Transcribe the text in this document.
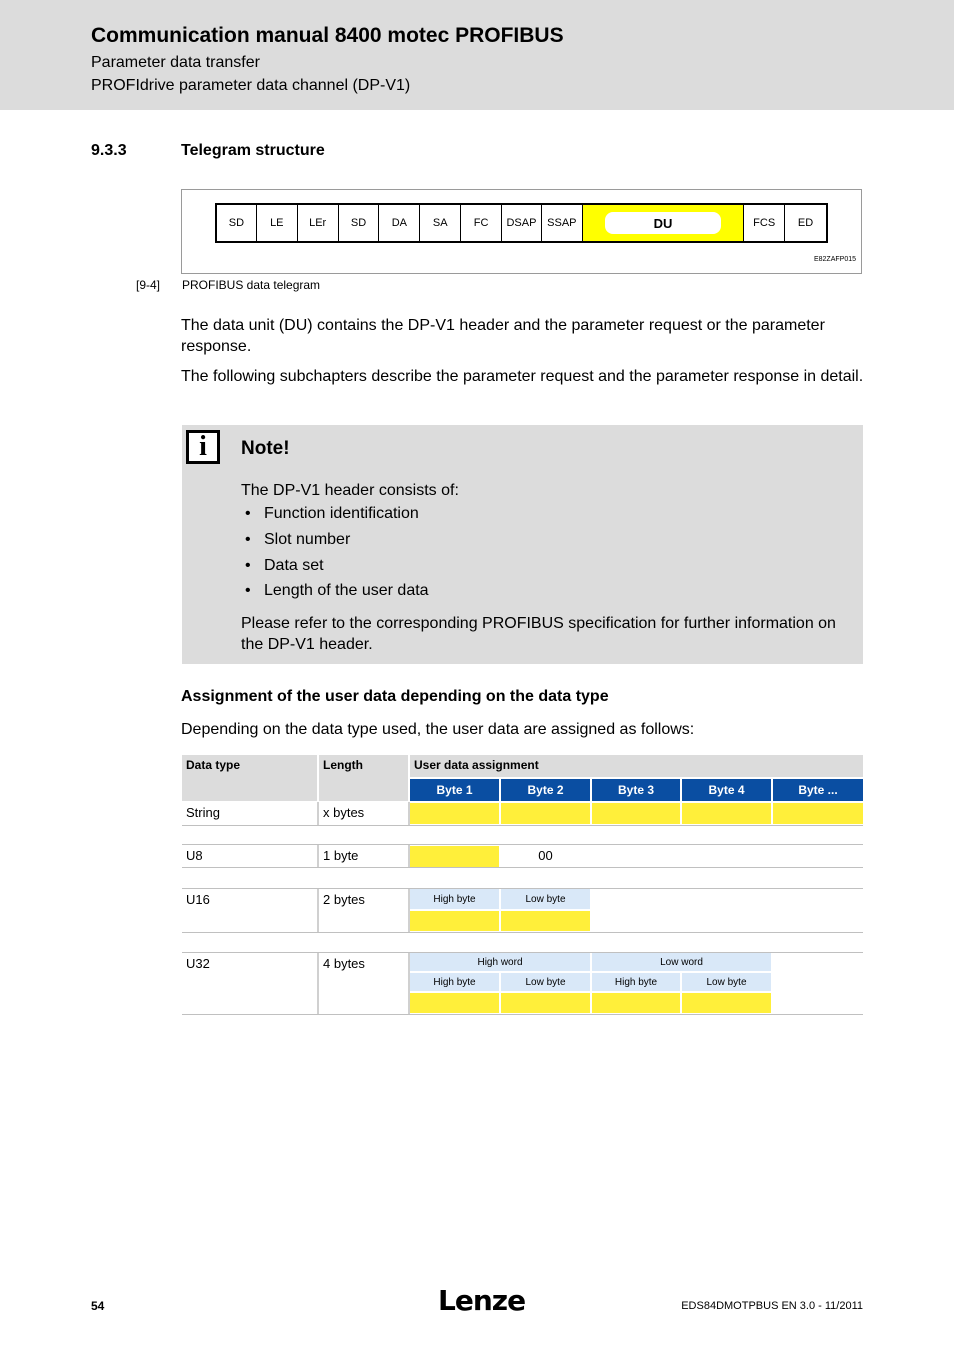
Communication manual 8400 motec PROFIBUS
Parameter data transfer
PROFIdrive parameter data channel (DP-V1)
9.3.3	Telegram structure
SD	LE	LEr	SD	DA	SA	FC	DSAP SSAP	DU	FCS	ED
E82ZAFP015
[9-4] PROFIBUS data telegram
The data unit (DU) contains the DP-V1 header and the parameter request or the parameter response.
The following subchapters describe the parameter request and the parameter response in detail.
i	Note!
The DP-V1 header consists of:
• Function identification
• Slot number
• Data set
• Length of the user data
Please refer to the corresponding PROFIBUS specification for further information on the DP-V1 header.
Assignment of the user data depending on the data type
Depending on the data type used, the user data are assigned as follows:
Data type	Length	User data assignment
Byte 1	Byte 2	Byte 3	Byte 4	Byte ...
String	x bytes
U8	1 byte	00
U16	2 bytes	High byte	Low byte
U32	4 bytes	High word	Low word
High byte	Low byte	High byte	Low byte
54	Lenze	EDS84DMOTPBUS EN 3.0 - 11/2011
